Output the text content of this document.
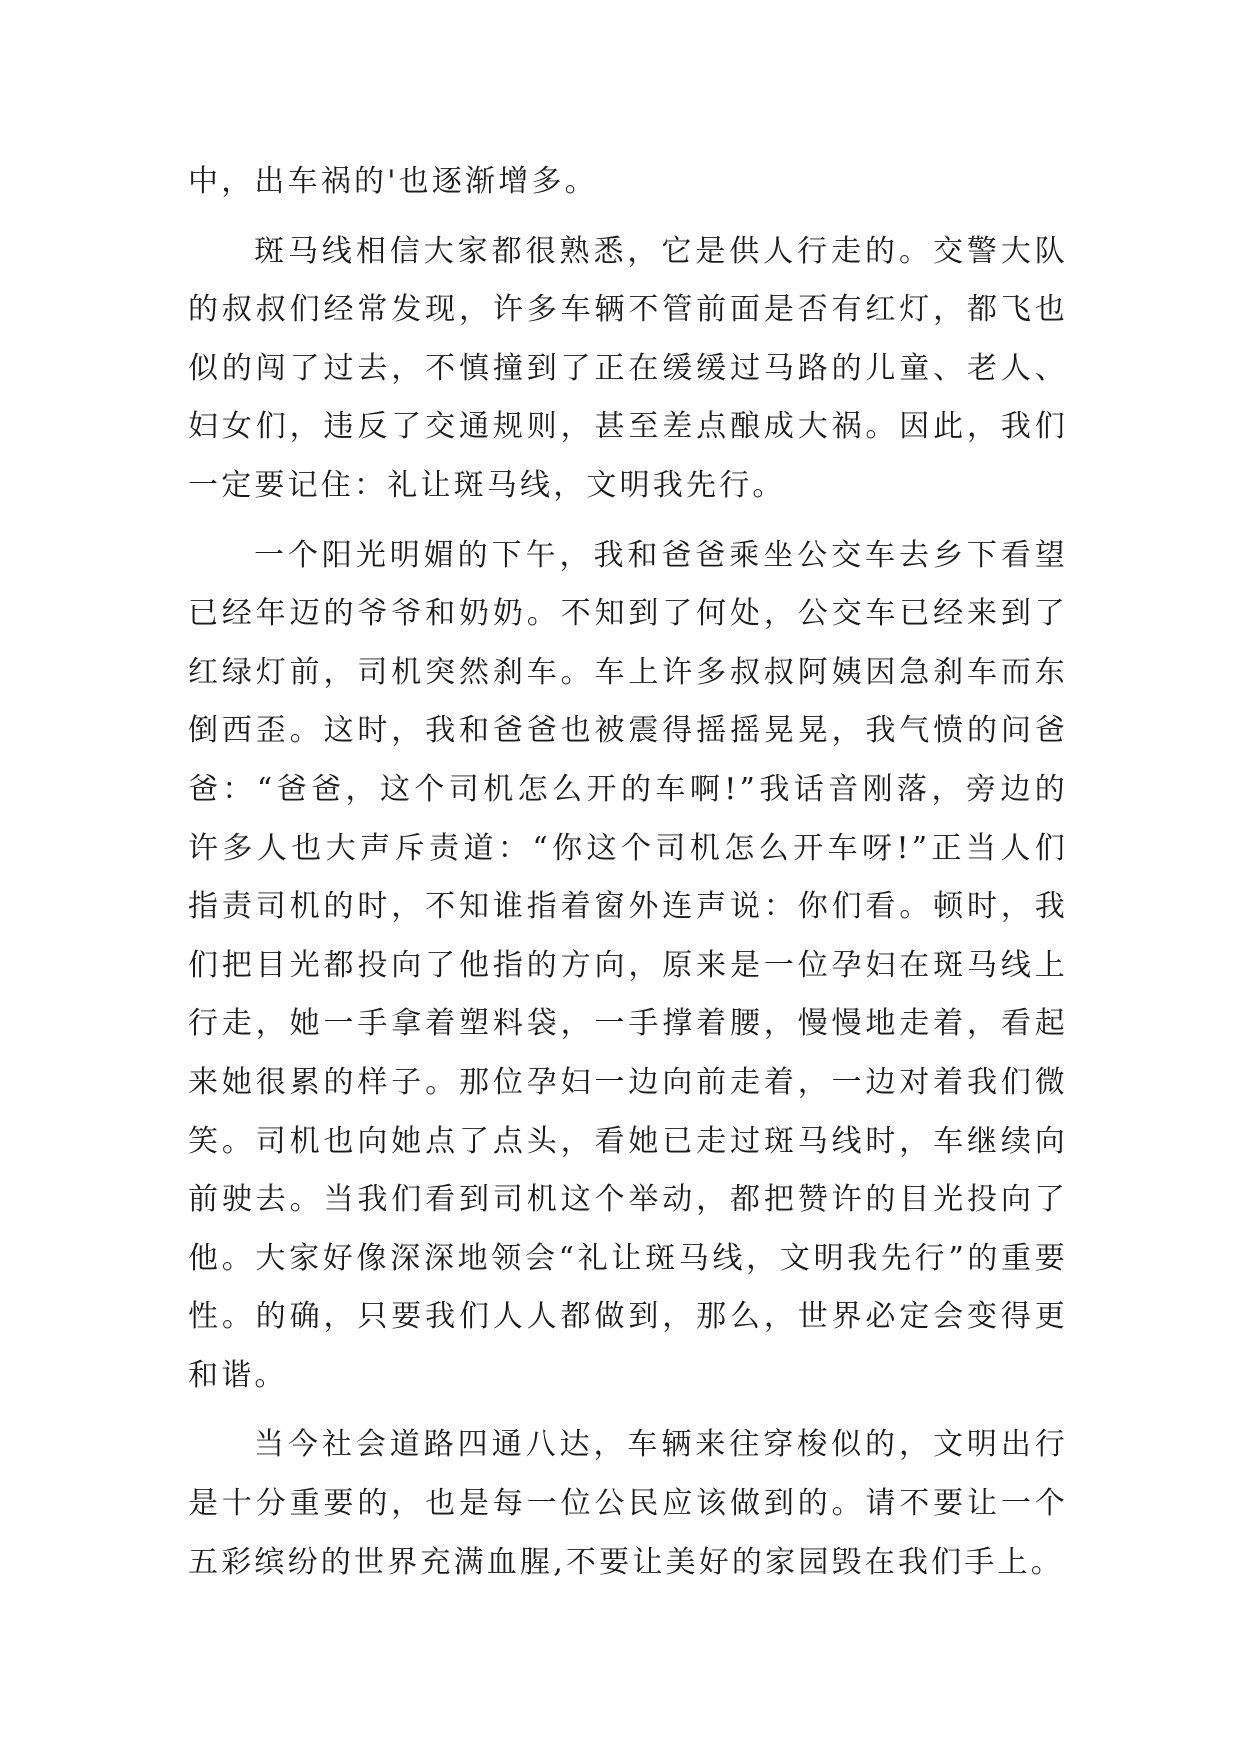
中，出车祸的'也逐渐增多。

斑马线相信大家都很熟悉，它是供人行走的。交警大队的叔叔们经常发现，许多车辆不管前面是否有红灯，都飞也似的闯了过去，不慎撞到了正在缓缓过马路的儿童、老人、妇女们，违反了交通规则，甚至差点酿成大祸。因此，我们一定要记住：礼让斑马线，文明我先行。

一个阳光明媚的下午，我和爸爸乘坐公交车去乡下看望已经年迈的爷爷和奶奶。不知到了何处，公交车已经来到了红绿灯前，司机突然刹车。车上许多叔叔阿姨因急刹车而东倒西歪。这时，我和爸爸也被震得摇摇晃晃，我气愤的问爸爸：“爸爸，这个司机怎么开的车啊!”我话音刚落，旁边的许多人也大声斥责道：“你这个司机怎么开车呀!”正当人们指责司机的时，不知谁指着窗外连声说：你们看。顿时，我们把目光都投向了他指的方向，原来是一位孕妇在斑马线上行走，她一手拿着塑料袋，一手撑着腰，慢慢地走着，看起来她很累的样子。那位孕妇一边向前走着，一边对着我们微笑。司机也向她点了点头，看她已走过斑马线时，车继续向前驶去。当我们看到司机这个举动，都把赞许的目光投向了他。大家好像深深地领会“礼让斑马线，文明我先行”的重要性。的确，只要我们人人都做到，那么，世界必定会变得更和谐。

当今社会道路四通八达，车辆来往穿梭似的，文明出行是十分重要的，也是每一位公民应该做到的。请不要让一个五彩缤纷的世界充满血腥,不要让美好的家园毁在我们手上。
